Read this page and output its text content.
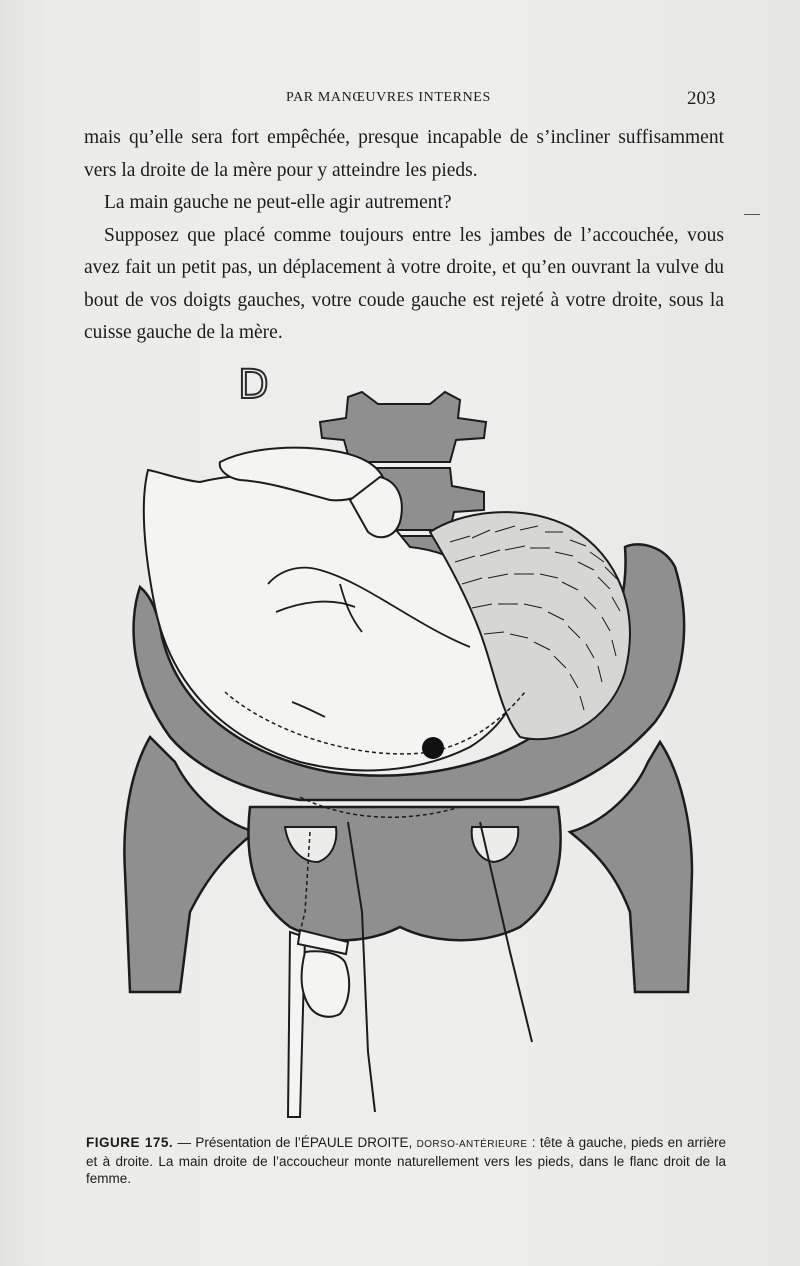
PAR MANŒUVRES INTERNES	203

mais qu’elle sera fort empêchée, presque incapable de s’incliner suffisamment vers la droite de la mère pour y atteindre les pieds.

La main gauche ne peut-elle agir autrement?

Supposez que placé comme toujours entre les jambes de l’accouchée, vous avez fait un petit pas, un déplacement à votre droite, et qu’en ouvrant la vulve du bout de vos doigts gauches, votre coude gauche est rejeté à votre droite, sous la cuisse gauche de la mère.

D
FIGURE 175. — Présentation de l’ÉPAULE DROITE, DORSO-ANTÉRIEURE : tête à gauche, pieds en arrière et à droite. La main droite de l’accoucheur monte naturellement vers les pieds, dans le flanc droit de la femme.
